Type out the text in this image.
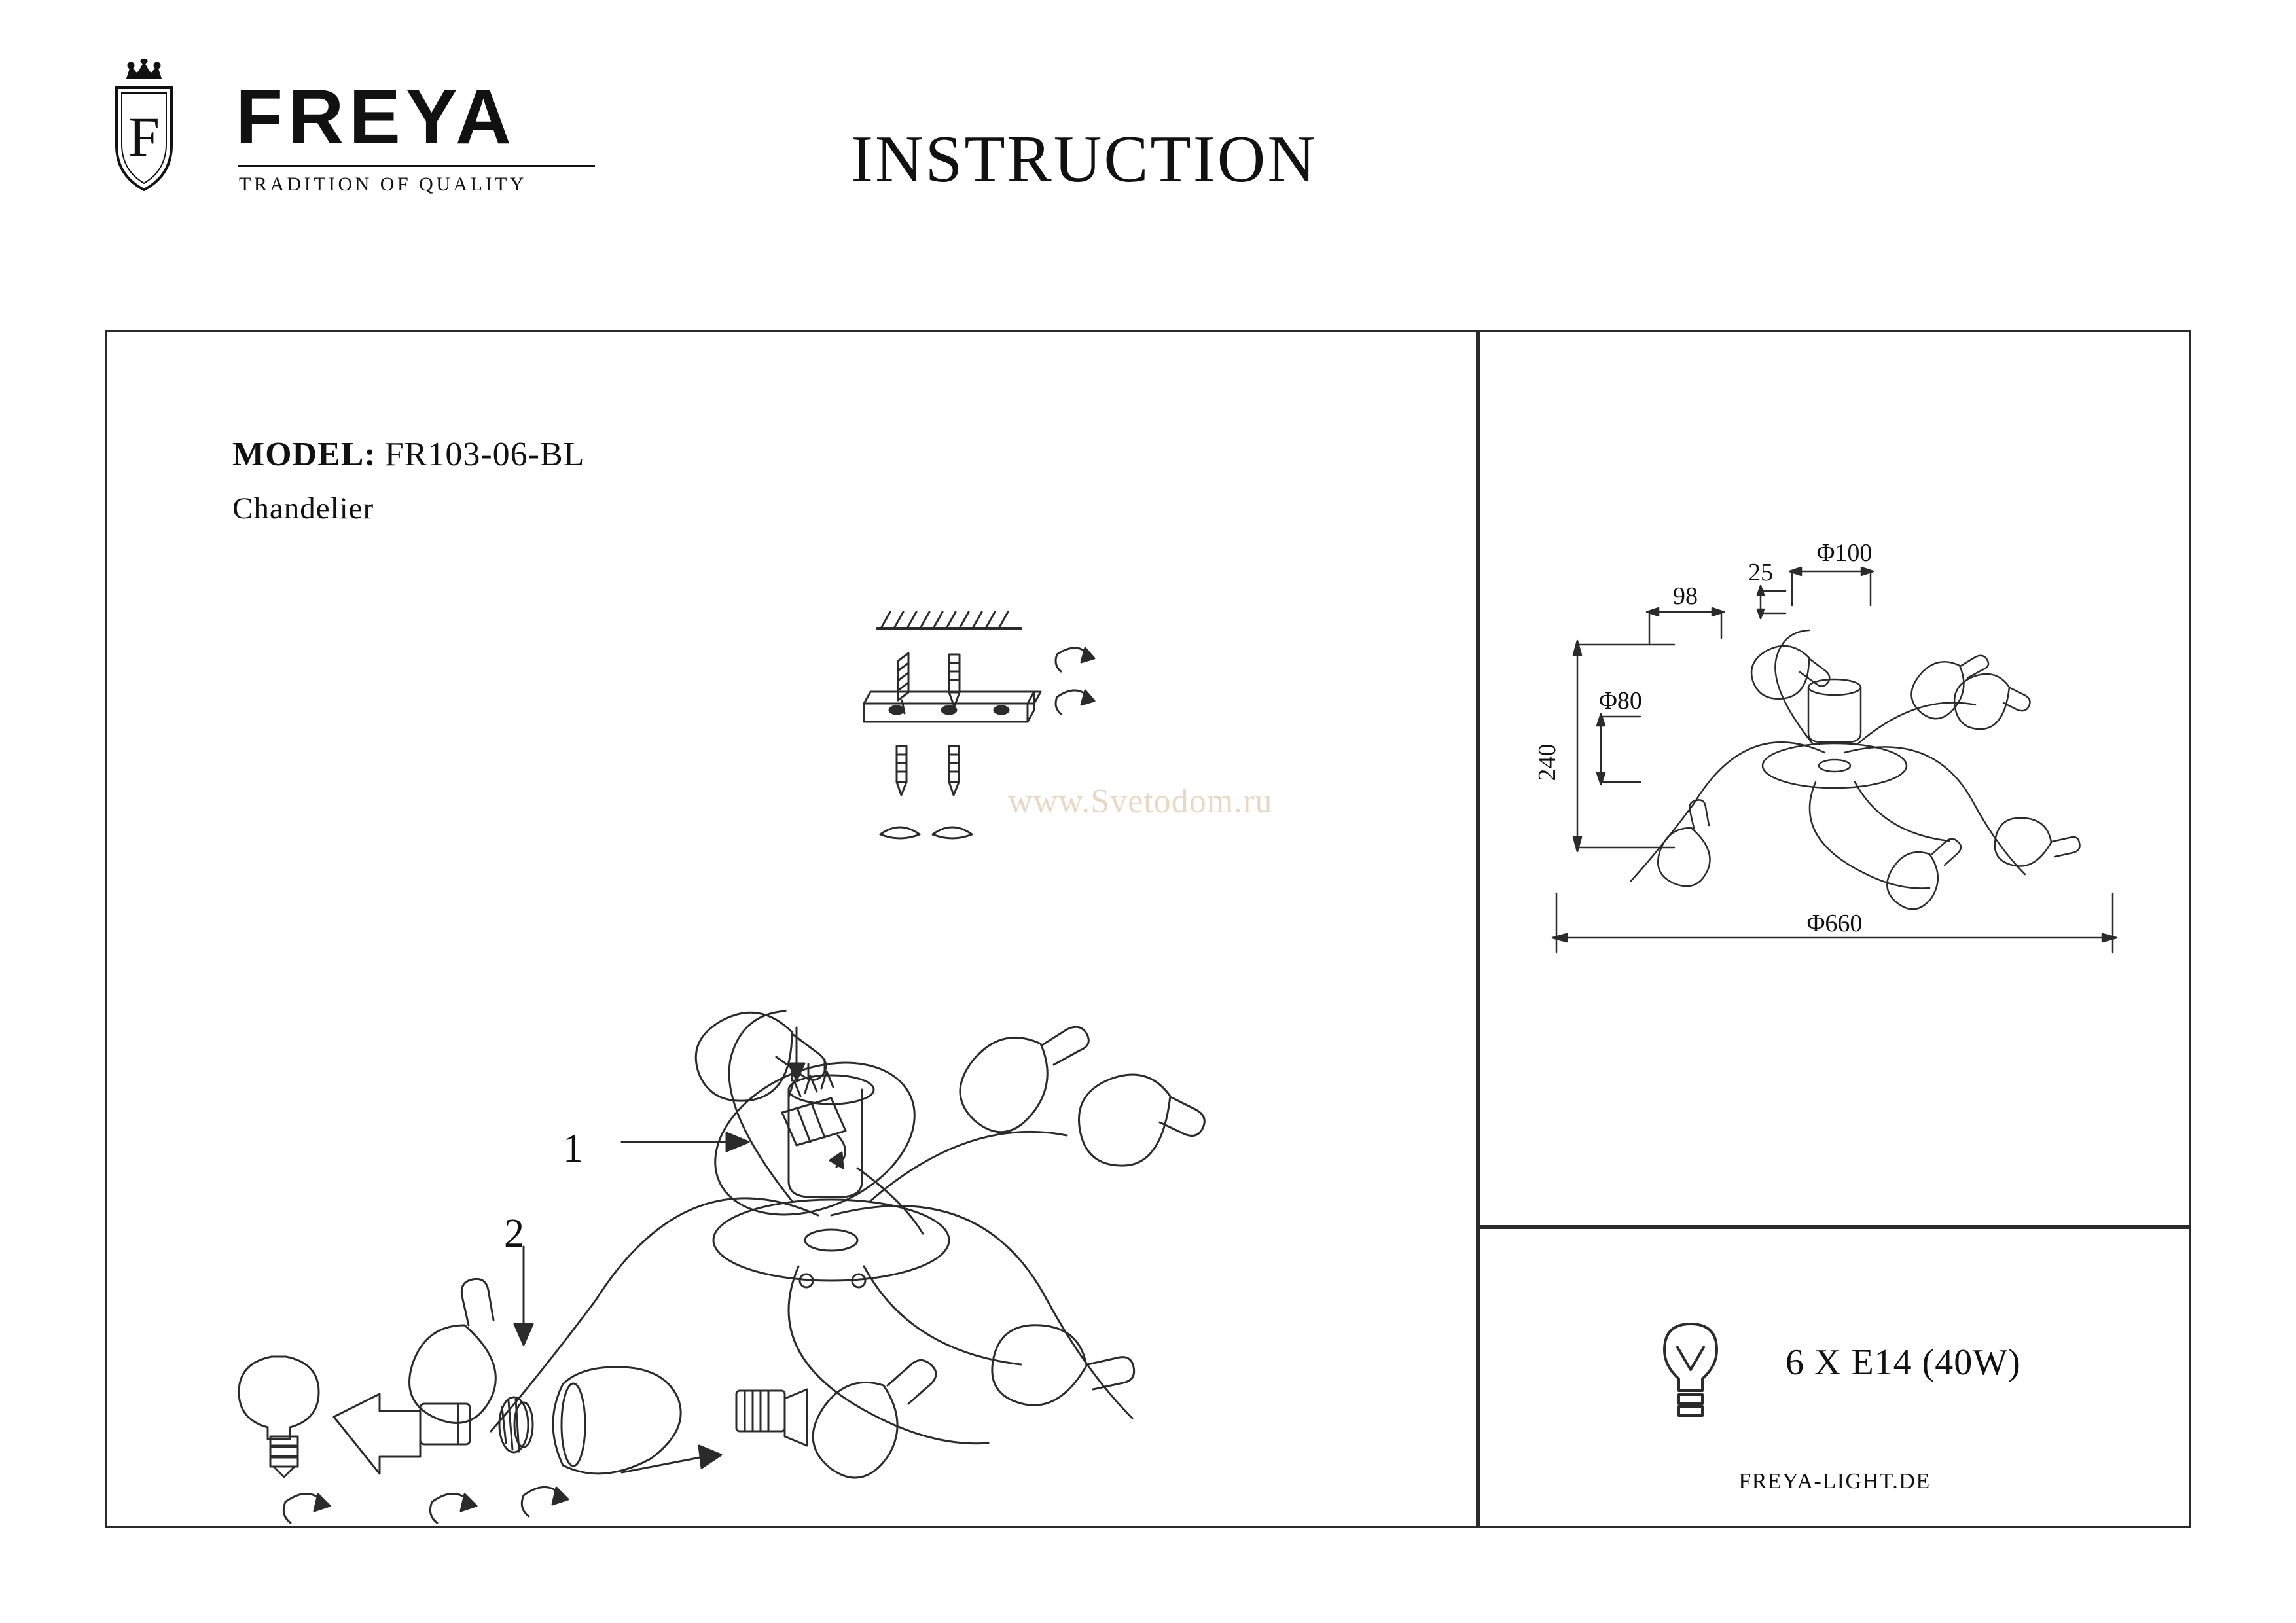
F FREYA
TRADITION OF QUALITY	INSTRUCTION
MODEL: FR103-06-BL
Chandelier
www.Svetodom.ru
1
2
240
Φ660
Φ80
98
25
Φ100
6 X E14 (40W)
FREYA-LIGHT.DE
